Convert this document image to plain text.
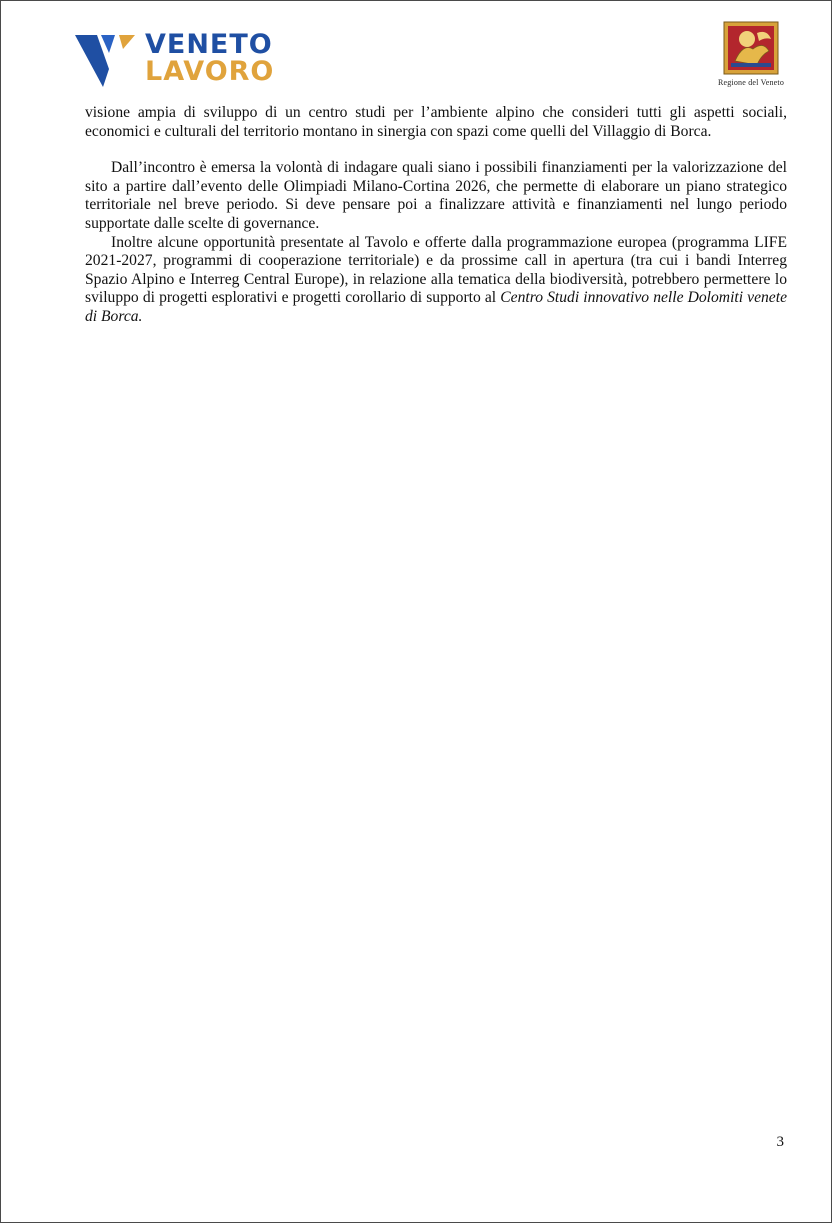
VENETO
LAVORO	Regione del Veneto

visione ampia di sviluppo di un centro studi per l’ambiente alpino che consideri tutti gli aspetti sociali, economici e culturali del territorio montano in sinergia con spazi come quelli del Villaggio di Borca.

Dall’incontro è emersa la volontà di indagare quali siano i possibili finanziamenti per la valorizzazione del sito a partire dall’evento delle Olimpiadi Milano-Cortina 2026, che permette di elaborare un piano strategico territoriale nel breve periodo. Si deve pensare poi a finalizzare attività e finanziamenti nel lungo periodo supportate dalle scelte di governance.

Inoltre alcune opportunità presentate al Tavolo e offerte dalla programmazione europea (programma LIFE 2021-2027, programmi di cooperazione territoriale) e da prossime call in apertura (tra cui i bandi Interreg Spazio Alpino e Interreg Central Europe), in relazione alla tematica della biodiversità, potrebbero permettere lo sviluppo di progetti esplorativi e progetti corollario di supporto al Centro Studi innovativo nelle Dolomiti venete di Borca.

3
